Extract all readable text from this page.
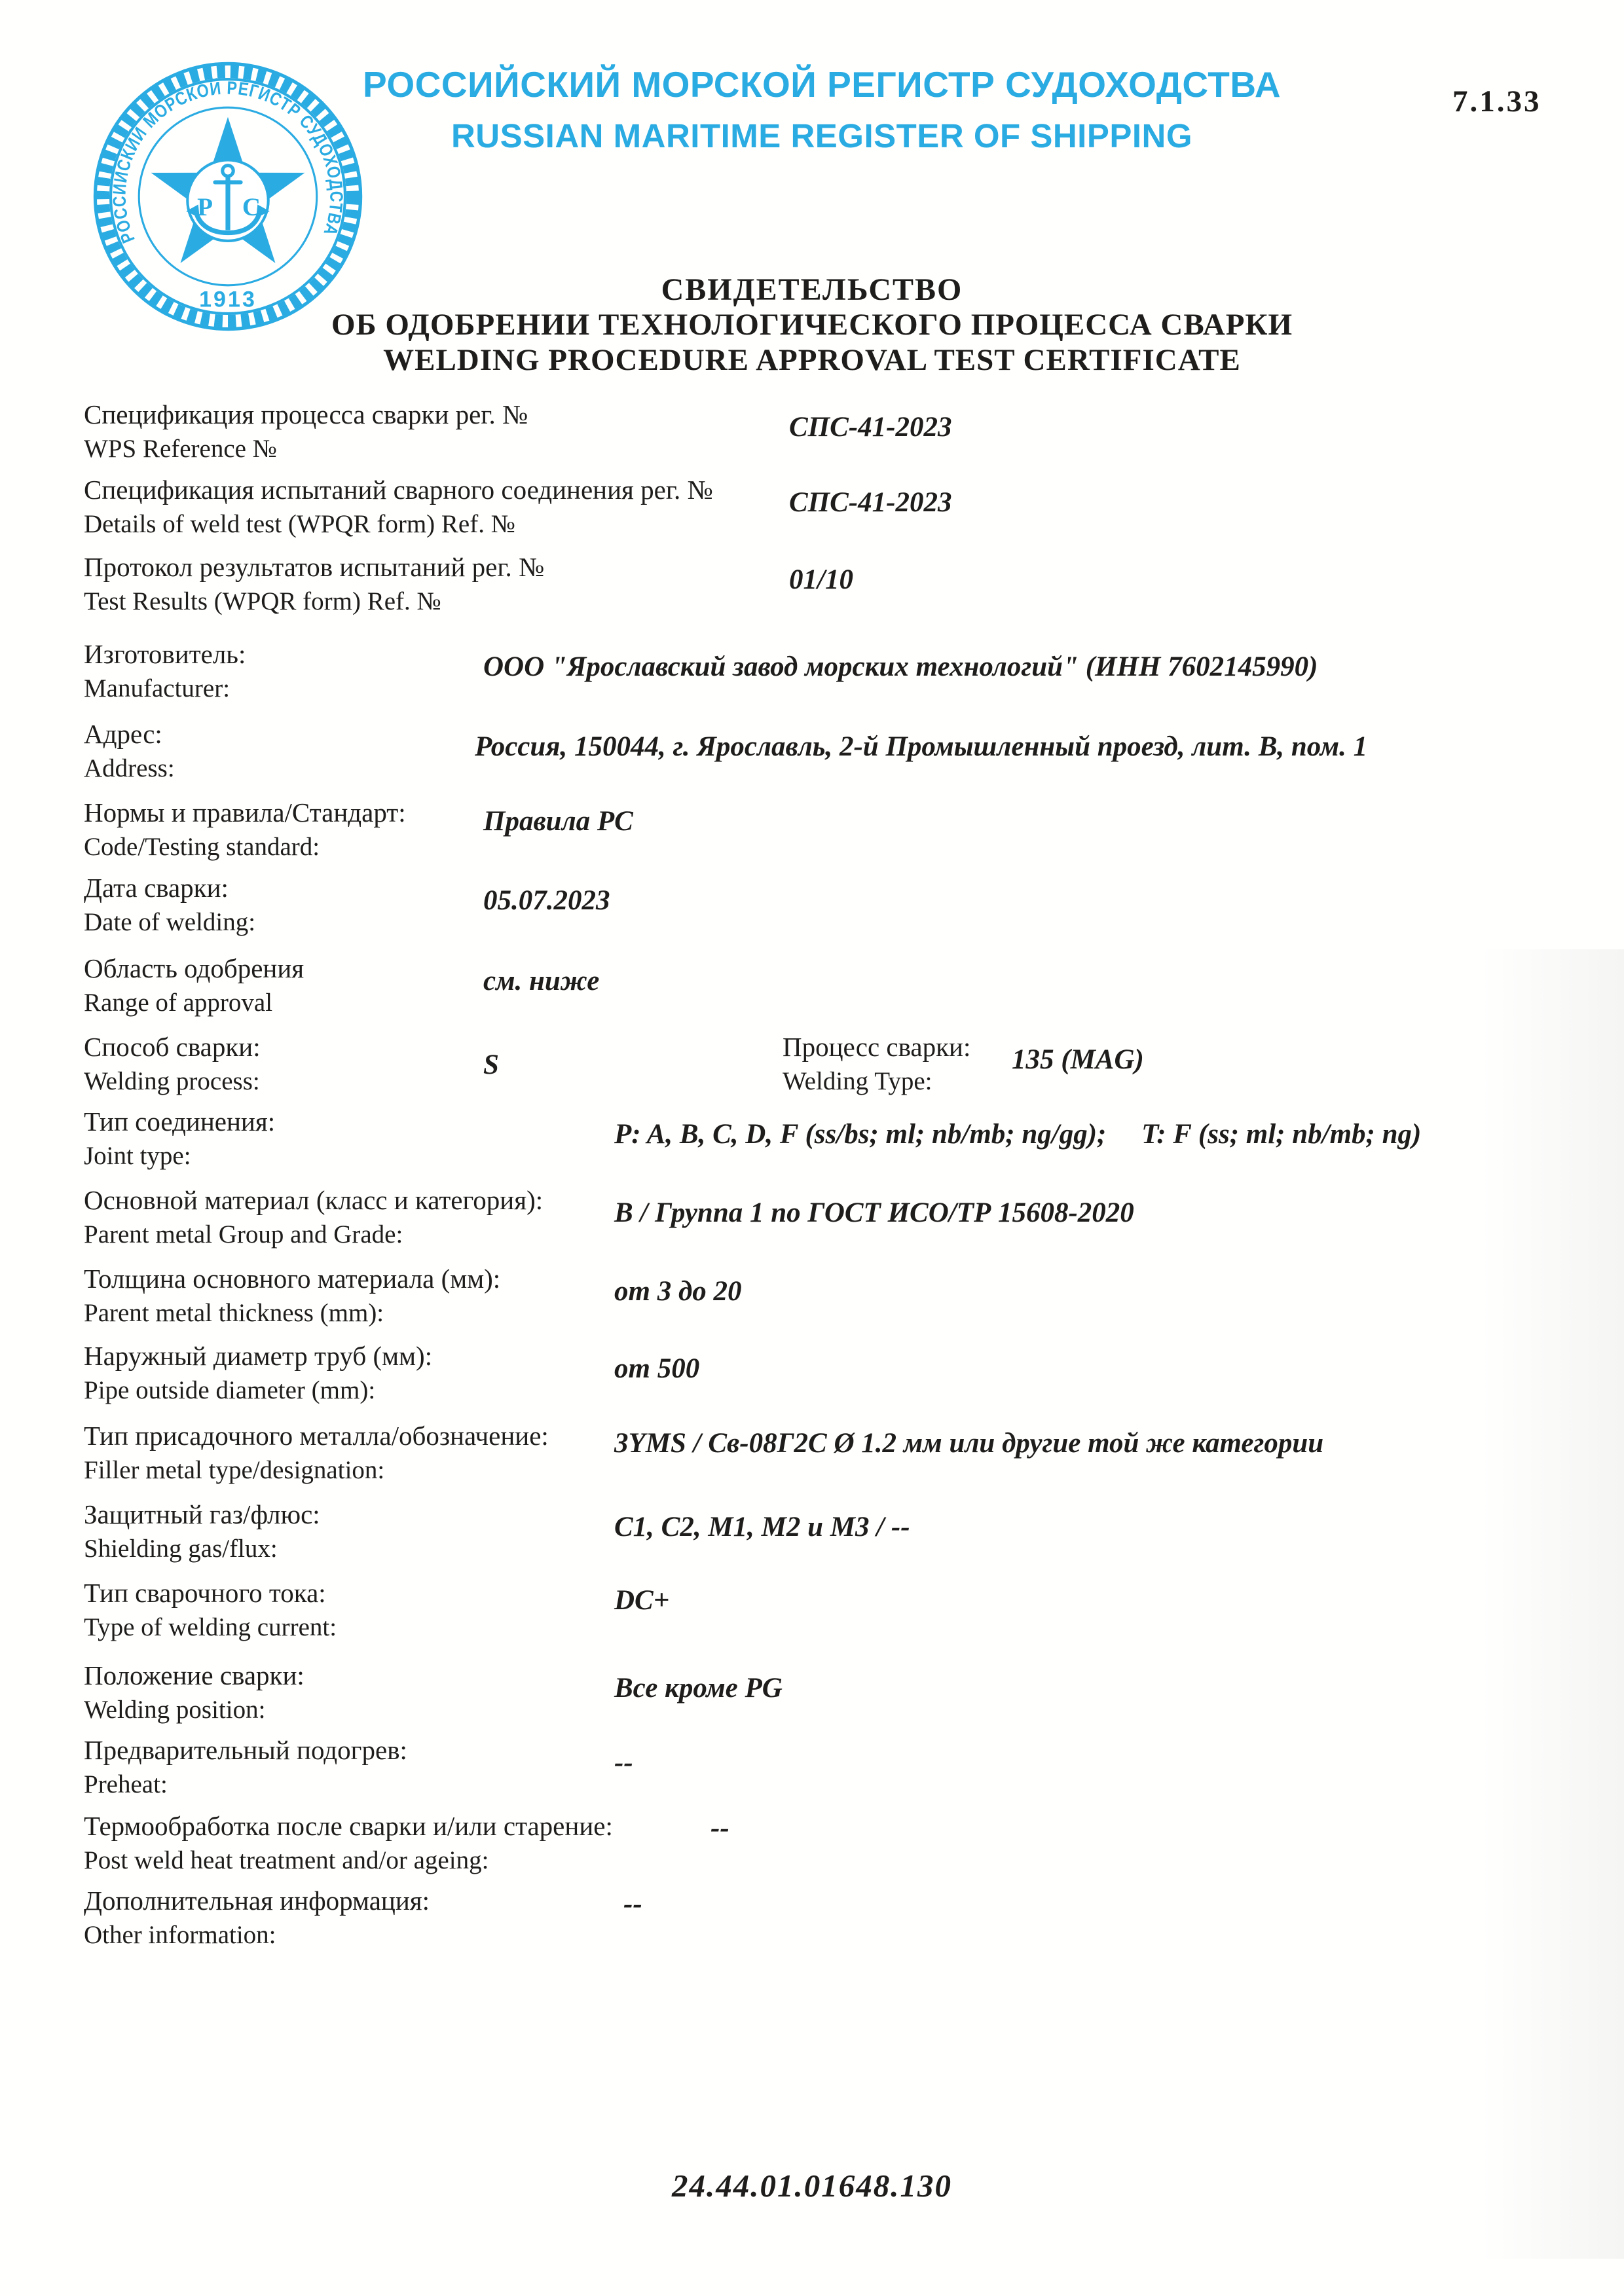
РОССИЙСКИЙ МОРСКОЙ РЕГИСТР СУДОХОДСТВА
Р С
1913
РОССИЙСКИЙ МОРСКОЙ РЕГИСТР СУДОХОДСТВА
RUSSIAN MARITIME REGISTER OF SHIPPING
7.1.33
СВИДЕТЕЛЬСТВО
ОБ ОДОБРЕНИИ ТЕХНОЛОГИЧЕСКОГО ПРОЦЕССА СВАРКИ
WELDING PROCEDURE APPROVAL TEST CERTIFICATE
Спецификация процесса сварки рег. №
WPS Reference №
СПС-41-2023
Спецификация испытаний сварного соединения рег. №
Details of weld test (WPQR form) Ref. №
СПС-41-2023
Протокол результатов испытаний рег. №
Test Results (WPQR form) Ref. №
01/10
Изготовитель:
Manufacturer:
ООО "Ярославский завод морских технологий" (ИНН 7602145990)
Адрес:
Address:
Россия, 150044, г. Ярославль, 2-й Промышленный проезд, лит. В, пом. 1
Нормы и правила/Стандарт:
Code/Testing standard:
Правила РС
Дата сварки:
Date of welding:
05.07.2023
Область одобрения
Range of approval
см. ниже
Способ сварки:
Welding process:
S
Процесс сварки:
Welding Type:
135 (MAG)
Тип соединения:
Joint type:
P: A, B, C, D, F (ss/bs; ml; nb/mb; ng/gg);     T: F (ss; ml; nb/mb; ng)
Основной материал (класс и категория):
Parent metal Group and Grade:
В / Группа 1 по ГОСТ ИСО/ТР 15608-2020
Толщина основного материала (мм):
Parent metal thickness (mm):
от 3 до 20
Наружный диаметр труб (мм):
Pipe outside diameter (mm):
от 500
Тип присадочного металла/обозначение:
Filler metal type/designation:
3YMS / Св-08Г2С Ø 1.2 мм или другие той же категории
Защитный газ/флюс:
Shielding gas/flux:
C1, C2, M1, M2 и M3 / --
Тип сварочного тока:
Type of welding current:
DC+
Положение сварки:
Welding position:
Все кроме PG
Предварительный подогрев:
Preheat:
--
Термообработка после сварки и/или старение:
Post weld heat treatment and/or ageing:
--
Дополнительная информация:
Other information:
--
24.44.01.01648.130
